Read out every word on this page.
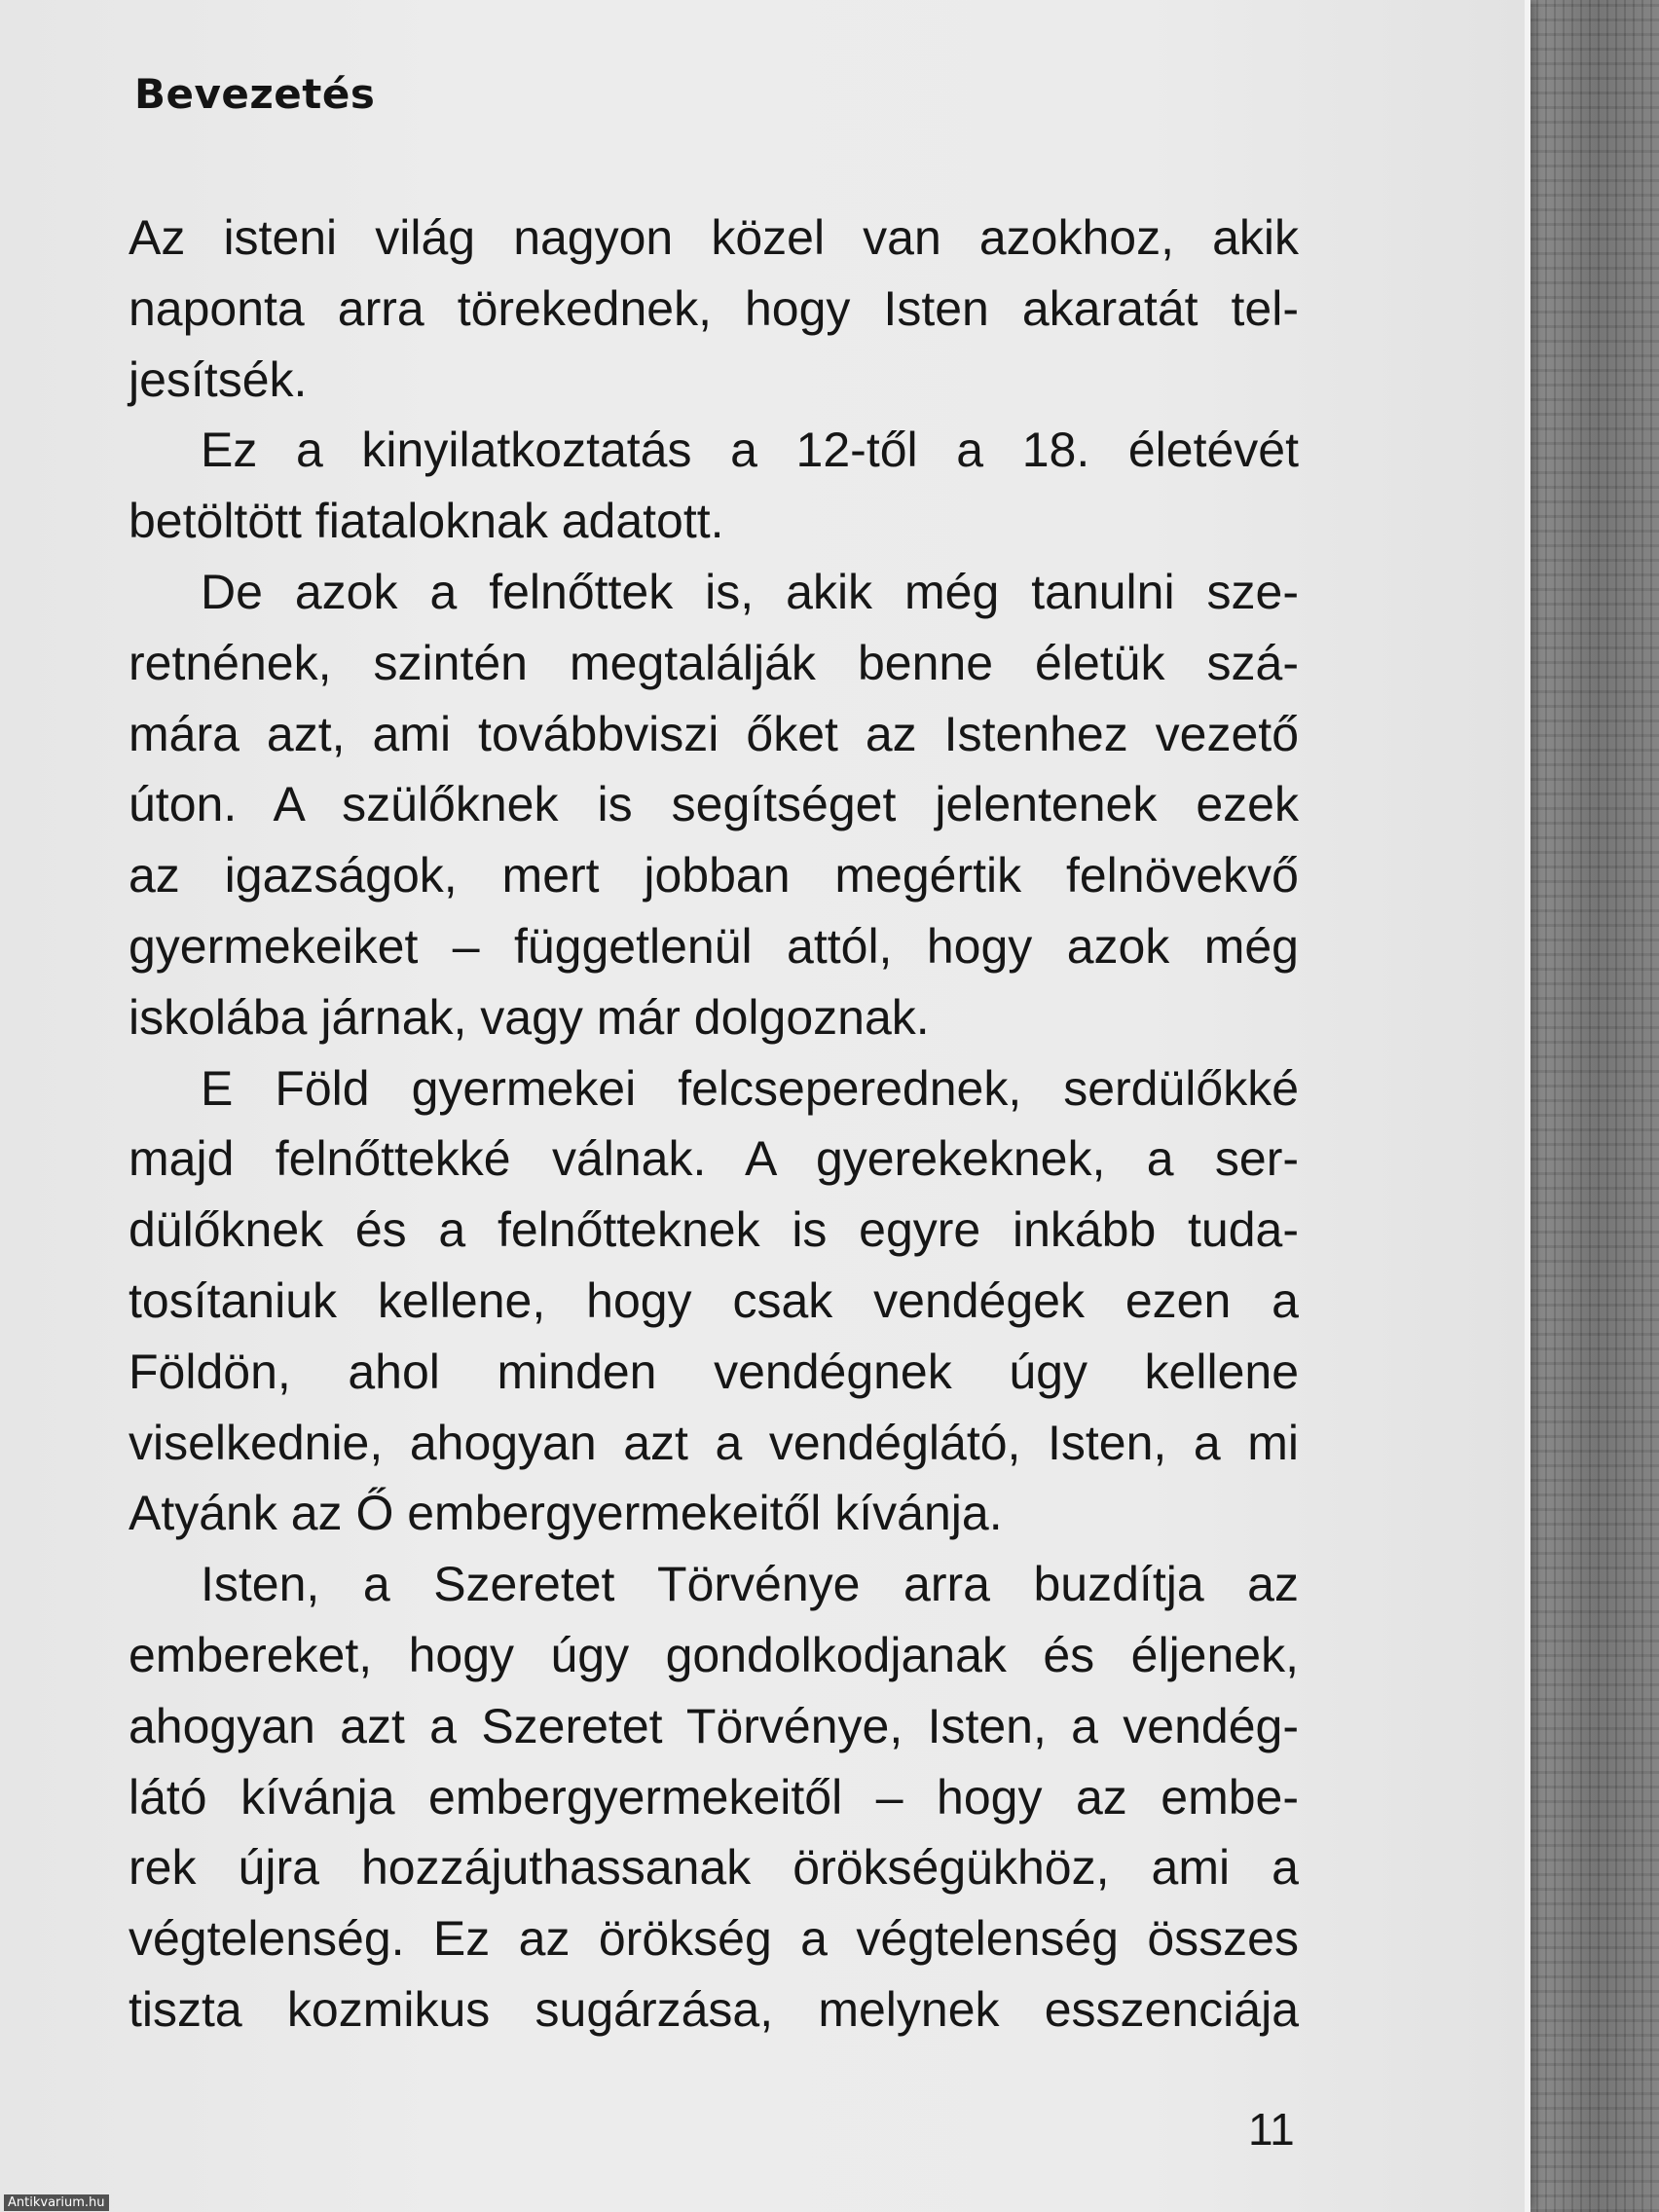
Bevezetés
Az isteni világ nagyon közel van azokhoz, akik
naponta arra törekednek, hogy Isten akaratát tel-
jesítsék.
Ez a kinyilatkoztatás a 12-től a 18. életévét
betöltött fiataloknak adatott.
De azok a felnőttek is, akik még tanulni sze-
retnének, szintén megtalálják benne életük szá-
mára azt, ami továbbviszi őket az Istenhez vezető
úton. A szülőknek is segítséget jelentenek ezek
az igazságok, mert jobban megértik felnövekvő
gyermekeiket – függetlenül attól, hogy azok még
iskolába járnak, vagy már dolgoznak.
E Föld gyermekei felcseperednek, serdülőkké
majd felnőttekké válnak. A gyerekeknek, a ser-
dülőknek és a felnőtteknek is egyre inkább tuda-
tosítaniuk kellene, hogy csak vendégek ezen a
Földön, ahol minden vendégnek úgy kellene
viselkednie, ahogyan azt a vendéglátó, Isten, a mi
Atyánk az Ő embergyermekeitől kívánja.
Isten, a Szeretet Törvénye arra buzdítja az
embereket, hogy úgy gondolkodjanak és éljenek,
ahogyan azt a Szeretet Törvénye, Isten, a vendég-
látó kívánja embergyermekeitől – hogy az embe-
rek újra hozzájuthassanak örökségükhöz, ami a
végtelenség. Ez az örökség a végtelenség összes
tiszta kozmikus sugárzása, melynek esszenciája
11
Antikvarium.hu
